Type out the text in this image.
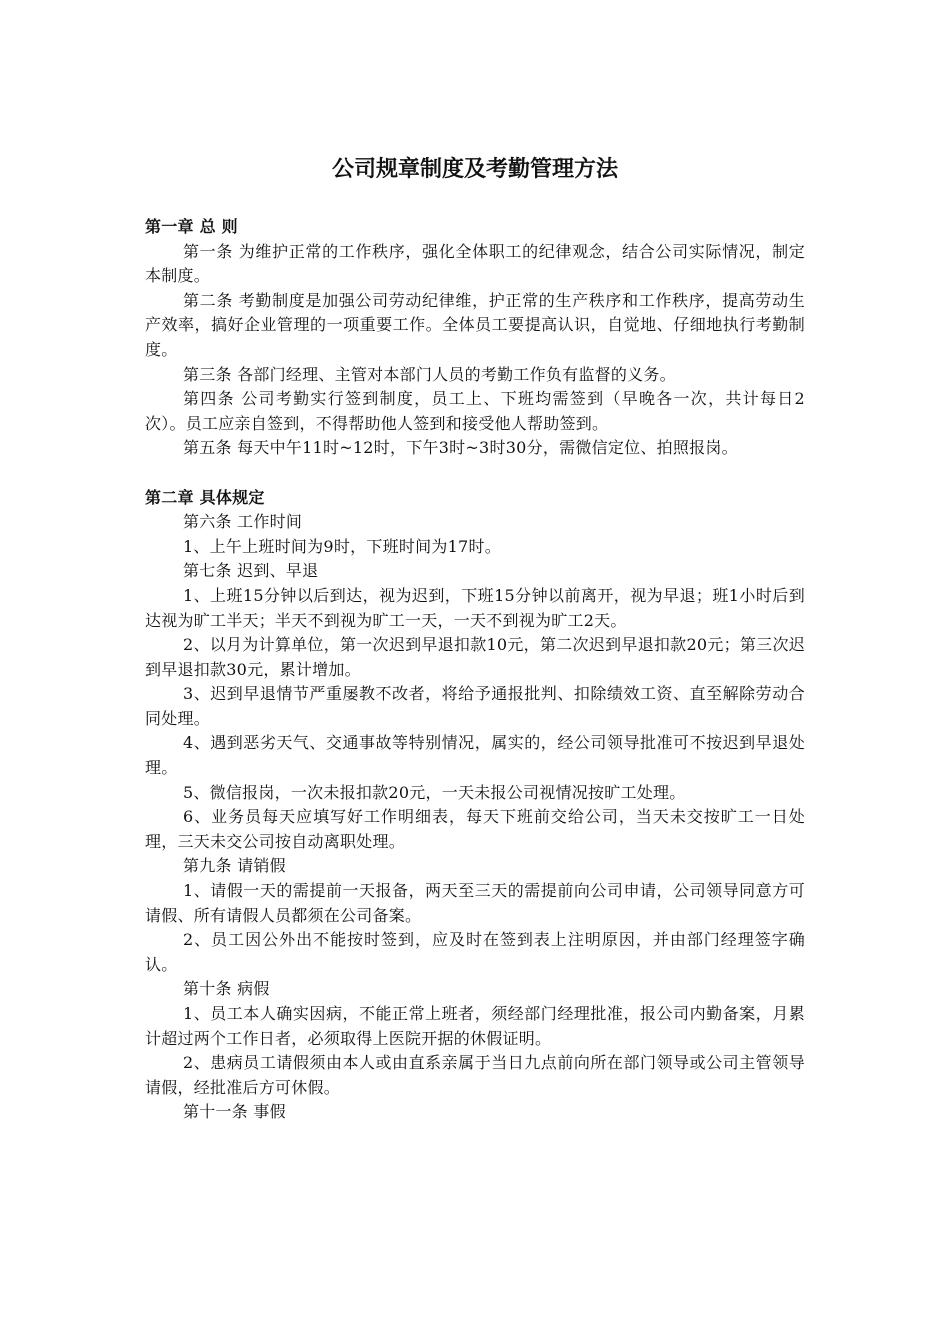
公司规章制度及考勤管理方法

第一章 总 则

第一条 为维护正常的工作秩序，强化全体职工的纪律观念，结合公司实际情况，制定本制度。

第二条 考勤制度是加强公司劳动纪律维，护正常的生产秩序和工作秩序，提高劳动生产效率，搞好企业管理的一项重要工作。全体员工要提高认识，自觉地、仔细地执行考勤制度。

第三条 各部门经理、主管对本部门人员的考勤工作负有监督的义务。

第四条 公司考勤实行签到制度，员工上、下班均需签到（早晚各一次，共计每日2次）。员工应亲自签到，不得帮助他人签到和接受他人帮助签到。

第五条 每天中午11时~12时，下午3时~3时30分，需微信定位、拍照报岗。

第二章 具体规定

第六条 工作时间

1、上午上班时间为9时，下班时间为17时。

第七条 迟到、早退

1、上班15分钟以后到达，视为迟到，下班15分钟以前离开，视为早退；班1小时后到达视为旷工半天；半天不到视为旷工一天，一天不到视为旷工2天。

2、以月为计算单位，第一次迟到早退扣款10元，第二次迟到早退扣款20元；第三次迟到早退扣款30元，累计增加。

3、迟到早退情节严重屡教不改者，将给予通报批判、扣除绩效工资、直至解除劳动合同处理。

4、遇到恶劣天气、交通事故等特别情况，属实的，经公司领导批准可不按迟到早退处理。

5、微信报岗，一次未报扣款20元，一天未报公司视情况按旷工处理。

6、业务员每天应填写好工作明细表，每天下班前交给公司，当天未交按旷工一日处理，三天未交公司按自动离职处理。

第九条 请销假

1、请假一天的需提前一天报备，两天至三天的需提前向公司申请，公司领导同意方可请假、所有请假人员都须在公司备案。

2、员工因公外出不能按时签到，应及时在签到表上注明原因，并由部门经理签字确认。

第十条 病假

1、员工本人确实因病，不能正常上班者，须经部门经理批准，报公司内勤备案，月累计超过两个工作日者，必须取得上医院开据的休假证明。

2、患病员工请假须由本人或由直系亲属于当日九点前向所在部门领导或公司主管领导请假，经批准后方可休假。

第十一条 事假
